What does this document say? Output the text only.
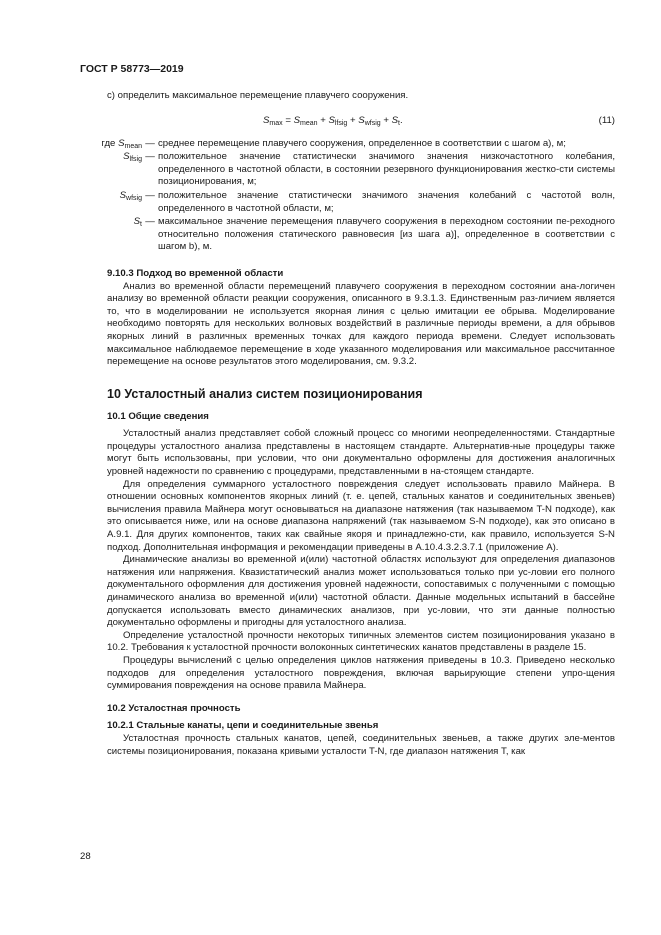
ГОСТ Р 58773—2019

с) определить максимальное перемещение плавучего сооружения.

$S_{max} = S_{mean} + S_{lfsig} + S_{wfsig} + S_t$.	(11)
где $S_{mean}$ — среднее перемещение плавучего сооружения, определенное в соответствии с шагом а), м;
$S_{lfsig}$ — положительное значение статистически значимого значения низкочастотного колебания, определенного в частотной области, в состоянии резервного функционирования жестко-сти системы позиционирования, м;
$S_{wfsig}$ — положительное значение статистически значимого значения колебаний с частотой волн, определенного в частотной области, м;
$S_t$ — максимальное значение перемещения плавучего сооружения в переходном состоянии пе-реходного относительно положения статического равновесия [из шага а)], определенное в соответствии с шагом b), м.

9.10.3 Подход во временной области

Анализ во временной области перемещений плавучего сооружения в переходном состоянии ана-логичен анализу во временной области реакции сооружения, описанного в 9.3.1.3. Единственным раз-личием является то, что в моделировании не используется якорная линия с целью имитации ее обрыва. Моделирование необходимо повторять для нескольких волновых воздействий в различные периоды времени, а для обрывов якорных линий в различных временных точках для каждого периода времени. Следует использовать максимальное наблюдаемое перемещение в ходе указанного моделирования или максимальное рассчитанное перемещение на основе результатов этого моделирования, см. 9.3.2.

10 Усталостный анализ систем позиционирования

10.1 Общие сведения

Усталостный анализ представляет собой сложный процесс со многими неопределенностями. Стандартные процедуры усталостного анализа представлены в настоящем стандарте. Альтернатив-ные процедуры также могут быть использованы, при условии, что они документально оформлены для достижения аналогичных уровней надежности по сравнению с процедурами, представленными в на-стоящем стандарте.

Для определения суммарного усталостного повреждения следует использовать правило Майнера. В отношении основных компонентов якорных линий (т. е. цепей, стальных канатов и соединительных звеньев) вычисления правила Майнера могут основываться на диапазоне натяжения (так называемом T-N подходе), как это описывается ниже, или на основе диапазона напряжений (так называемом S-N подходе), как это описано в А.9.1. Для других компонентов, таких как свайные якоря и принадлежно-сти, как правило, используется S-N подход. Дополнительная информация и рекомендации приведены в А.10.4.3.2.3.7.1 (приложение А).

Динамические анализы во временной и(или) частотной областях используют для определения диапазонов натяжения или напряжения. Квазистатический анализ может использоваться только при ус-ловии его полного документального оформления для достижения уровней надежности, сопоставимых с полученными с помощью динамического анализа во временной и(или) частотной области. Данные модельных испытаний в бассейне допускается использовать вместо динамических анализов, при ус-ловии, что эти данные полностью документально оформлены и пригодны для усталостного анализа.

Определение усталостной прочности некоторых типичных элементов систем позиционирования указано в 10.2. Требования к усталостной прочности волоконных синтетических канатов представлены в разделе 15.

Процедуры вычислений с целью определения циклов натяжения приведены в 10.3. Приведено несколько подходов для определения усталостного повреждения, включая варьирующие степени упро-щения суммирования повреждения на основе правила Майнера.

10.2 Усталостная прочность

10.2.1 Стальные канаты, цепи и соединительные звенья

Усталостная прочность стальных канатов, цепей, соединительных звеньев, а также других эле-ментов системы позиционирования, показана кривыми усталости T-N, где диапазон натяжения T, как

28
